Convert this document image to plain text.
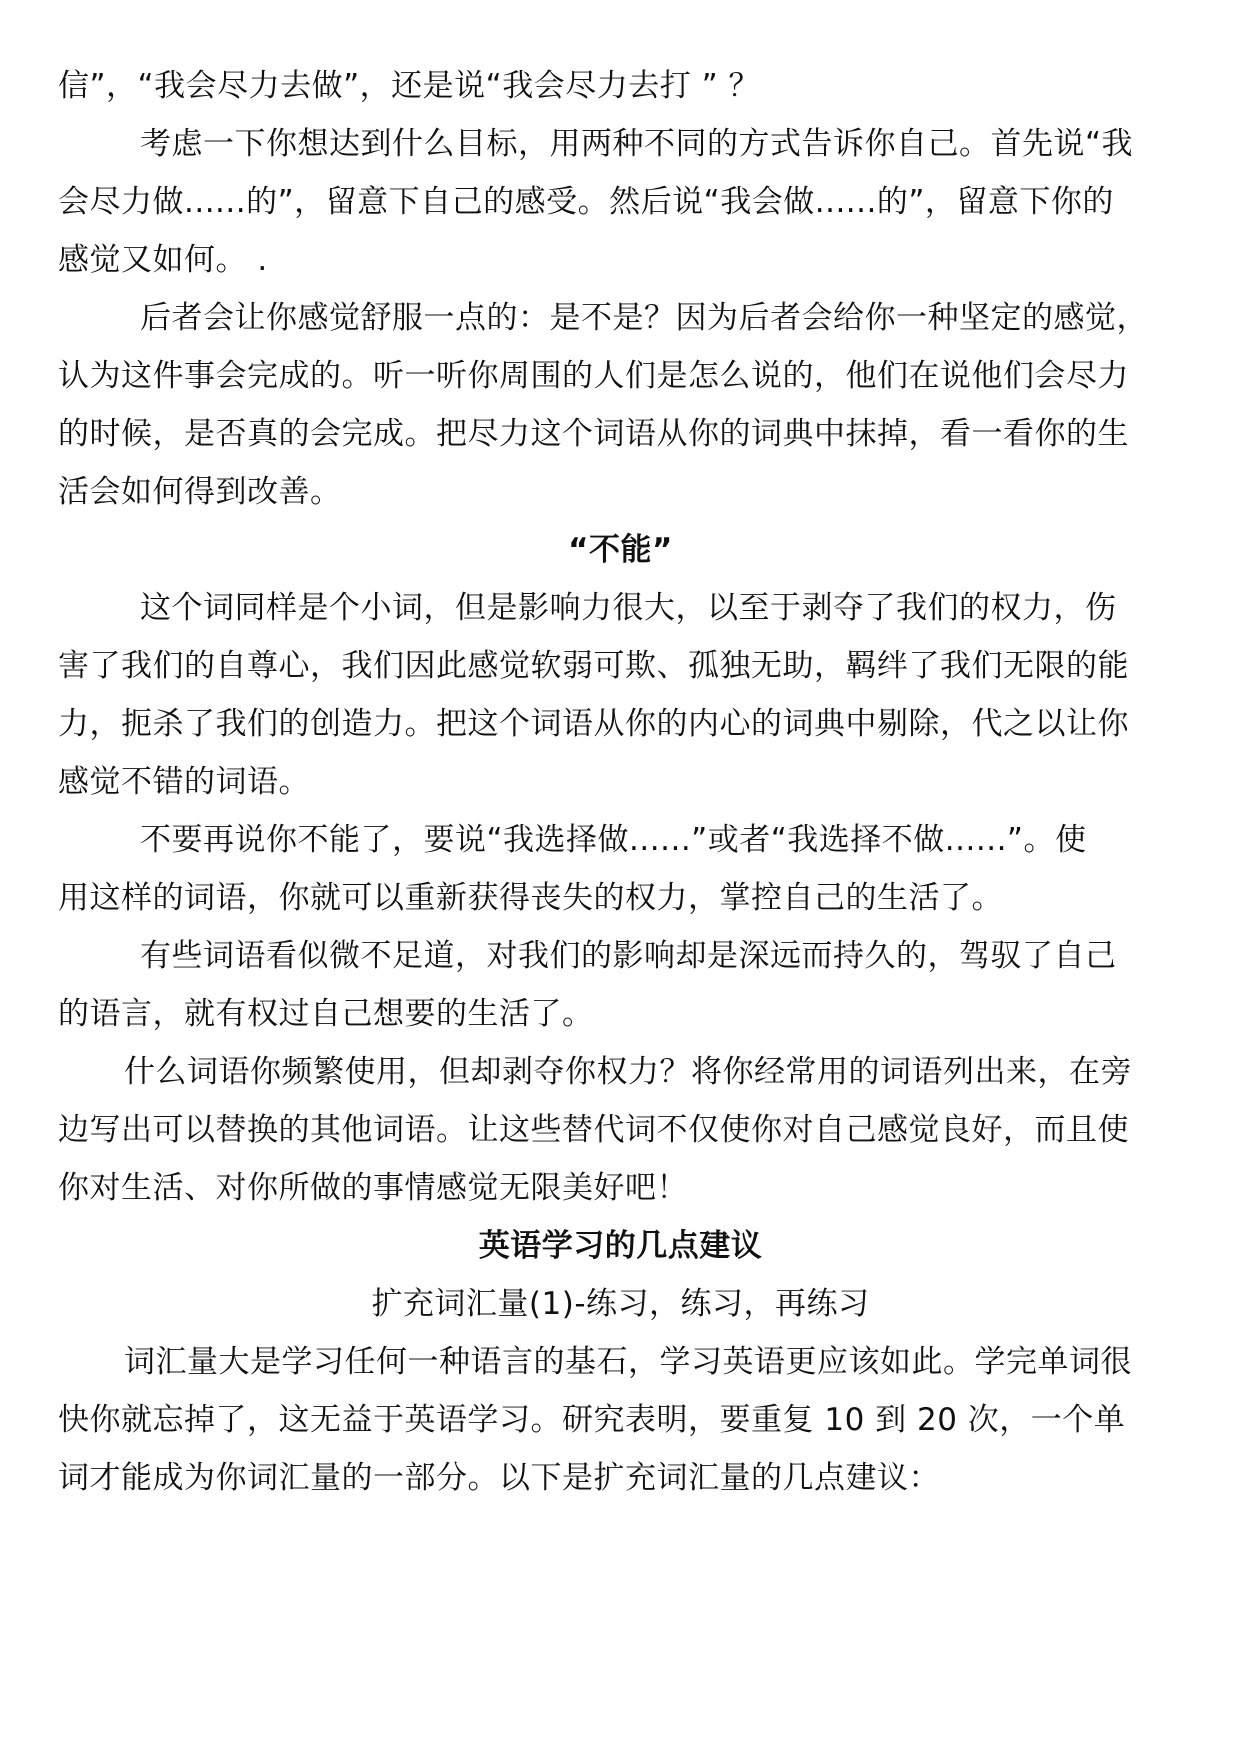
信”，“我会尽力去做”，还是说“我会尽力去打 ” ？
考虑一下你想达到什么目标，用两种不同的方式告诉你自己。首先说“我
会尽力做......的”，留意下自己的感受。然后说“我会做......的”，留意下你的
感觉又如何。 .
后者会让你感觉舒服一点的：是不是？因为后者会给你一种坚定的感觉，
认为这件事会完成的。听一听你周围的人们是怎么说的，他们在说他们会尽力
的时候，是否真的会完成。把尽力这个词语从你的词典中抹掉，看一看你的生
活会如何得到改善。
“不能”
这个词同样是个小词，但是影响力很大，以至于剥夺了我们的权力，伤
害了我们的自尊心，我们因此感觉软弱可欺、孤独无助，羁绊了我们无限的能
力，扼杀了我们的创造力。把这个词语从你的内心的词典中剔除，代之以让你
感觉不错的词语。
不要再说你不能了，要说“我选择做......”或者“我选择不做......”。使
用这样的词语，你就可以重新获得丧失的权力，掌控自己的生活了。
有些词语看似微不足道，对我们的影响却是深远而持久的，驾驭了自己
的语言，就有权过自己想要的生活了。
什么词语你频繁使用，但却剥夺你权力？将你经常用的词语列出来，在旁
边写出可以替换的其他词语。让这些替代词不仅使你对自己感觉良好，而且使
你对生活、对你所做的事情感觉无限美好吧！
英语学习的几点建议
扩充词汇量(1)-练习，练习，再练习
词汇量大是学习任何一种语言的基石，学习英语更应该如此。学完单词很
快你就忘掉了，这无益于英语学习。研究表明，要重复 10 到 20 次，一个单
词才能成为你词汇量的一部分。以下是扩充词汇量的几点建议：
